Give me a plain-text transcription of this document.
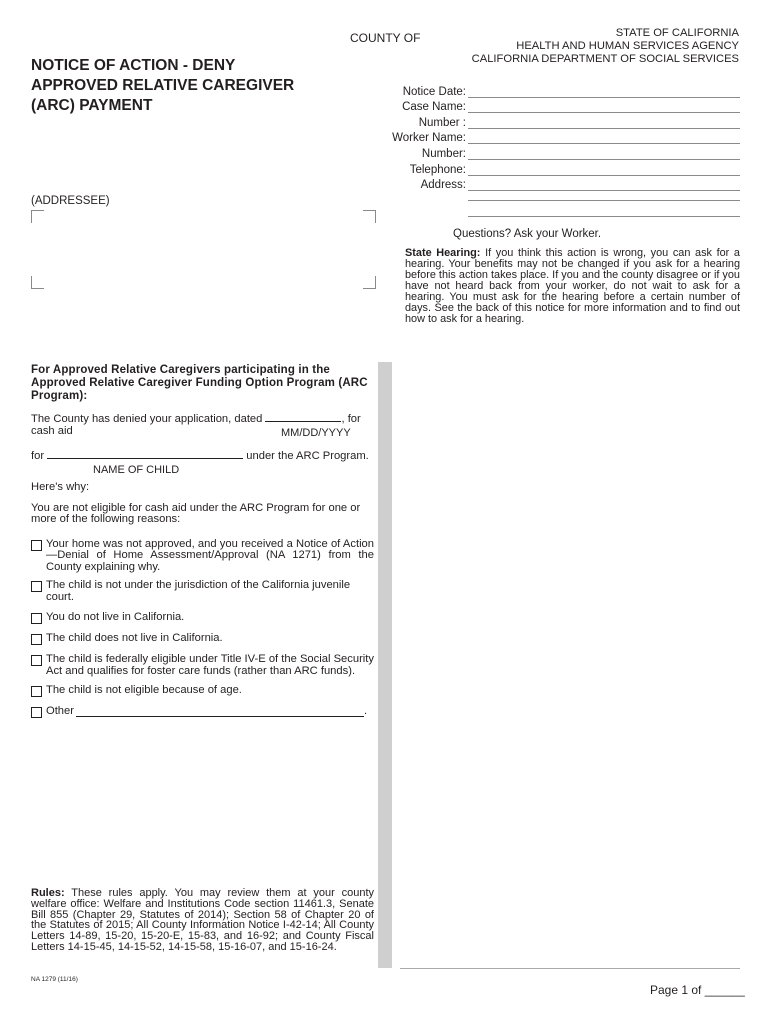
COUNTY OF	STATE OF CALIFORNIA
HEALTH AND HUMAN SERVICES AGENCY
CALIFORNIA DEPARTMENT OF SOCIAL SERVICES
NOTICE OF ACTION - DENY
APPROVED RELATIVE CAREGIVER
(ARC) PAYMENT
Notice Date:
Case Name:
Number :
Worker Name:
Number:
Telephone:
Address:
(ADDRESSEE)
Questions? Ask your Worker.
State Hearing: If you think this action is wrong, you can ask for a hearing. Your benefits may not be changed if you ask for a hearing before this action takes place. If you and the county disagree or if you have not heard back from your worker, do not wait to ask for a hearing. You must ask for the hearing before a certain number of days. See the back of this notice for more information and to find out how to ask for a hearing.
For Approved Relative Caregivers participating in the Approved Relative Caregiver Funding Option Program (ARC Program):
The County has denied your application, dated	, for
cash aid	MM/DD/YYYY
for	under the ARC Program.
NAME OF CHILD
Here's why:
You are not eligible for cash aid under the ARC Program for one or more of the following reasons:
Your home was not approved, and you received a Notice of Action—Denial of Home Assessment/Approval (NA 1271) from the County explaining why.
The child is not under the jurisdiction of the California juvenile court.
You do not live in California.
The child does not live in California.
The child is federally eligible under Title IV-E of the Social Security Act and qualifies for foster care funds (rather than ARC funds).
The child is not eligible because of age.
Other	.
Rules: These rules apply. You may review them at your county welfare office: Welfare and Institutions Code section 11461.3, Senate Bill 855 (Chapter 29, Statutes of 2014); Section 58 of Chapter 20 of the Statutes of 2015; All County Information Notice I-42-14; All County Letters 14-89, 15-20, 15-20-E, 15-83, and 16-92; and County Fiscal Letters 14-15-45, 14-15-52, 14-15-58, 15-16-07, and 15-16-24.
NA 1279 (11/16)
Page 1 of ______
